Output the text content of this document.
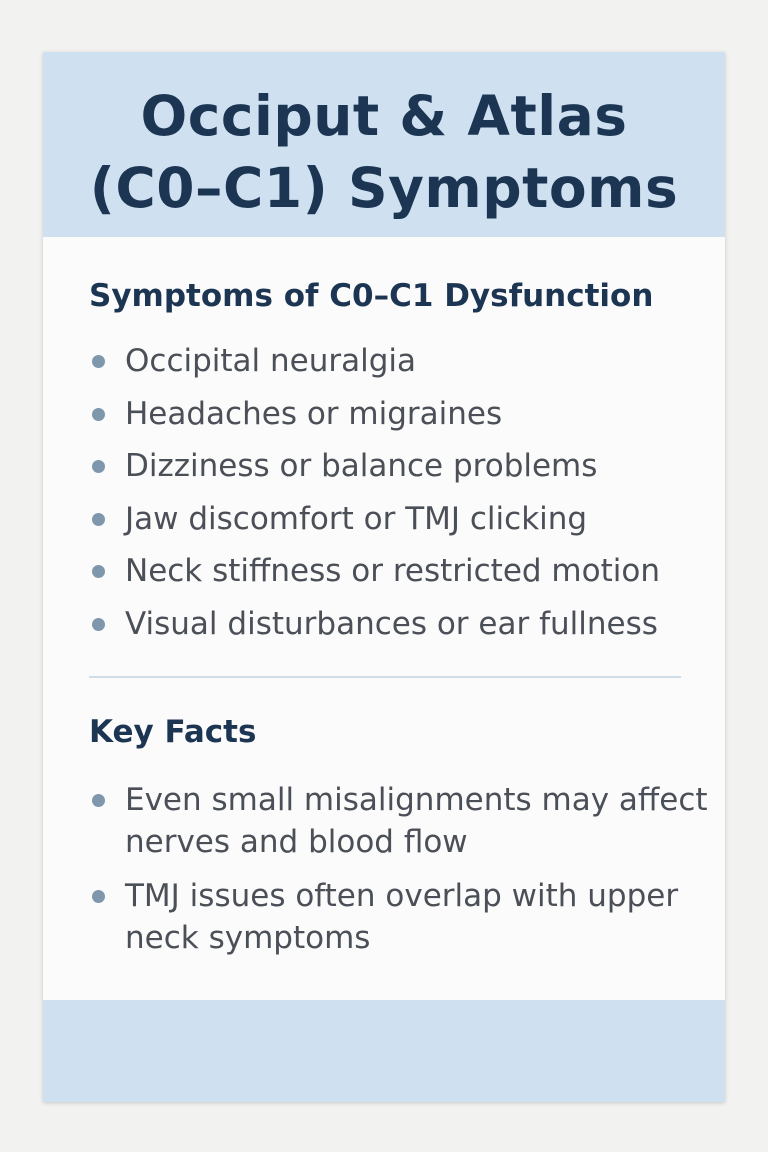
Occiput & Atlas
(C0–C1) Symptoms
Symptoms of C0–C1 Dysfunction
Occipital neuralgia
Headaches or migraines
Dizziness or balance problems
Jaw discomfort or TMJ clicking
Neck stiffness or restricted motion
Visual disturbances or ear fullness
Key Facts
Even small misalignments may affect nerves and blood flow
TMJ issues often overlap with upper neck symptoms
